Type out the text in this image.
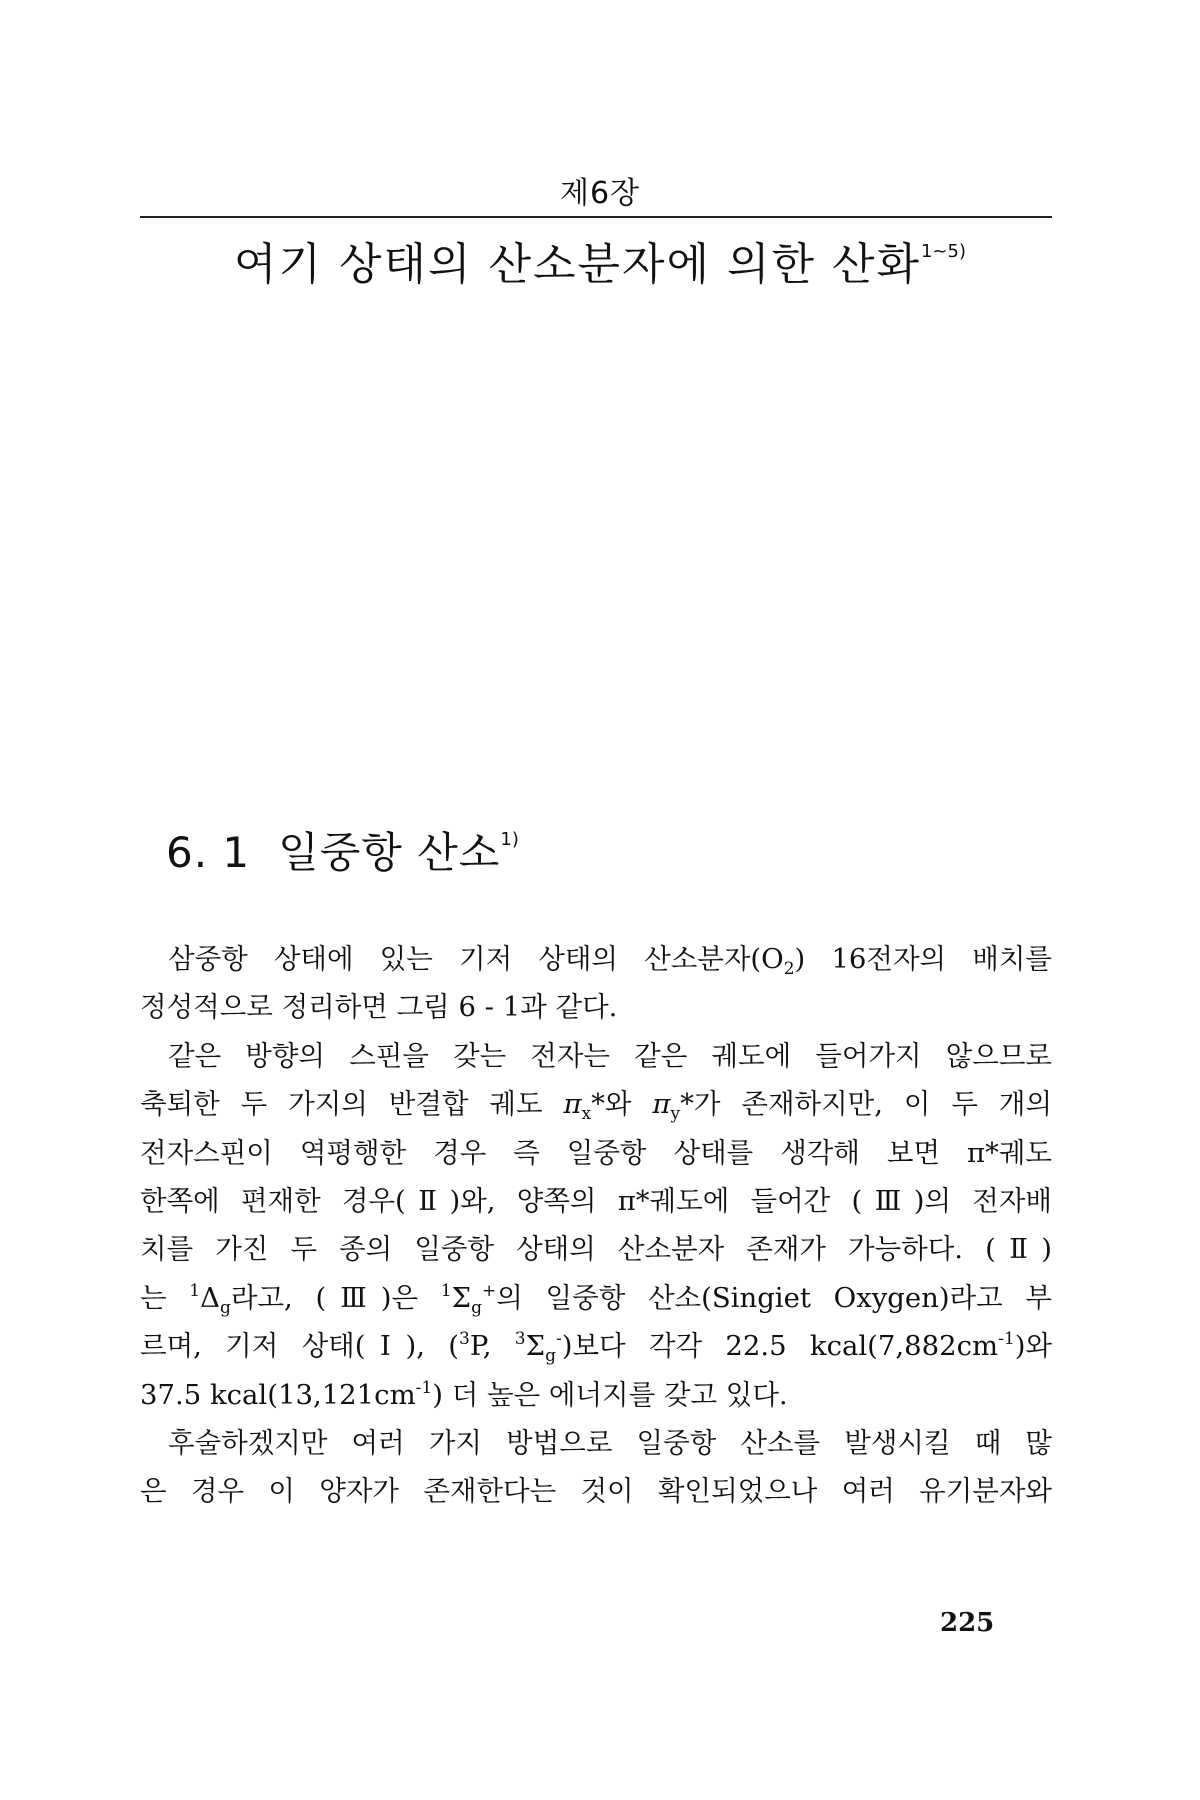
제6장
여기 상태의 산소분자에 의한 산화$^{1\sim 5)}$
6. 1 일중항 산소$^{1)}$
삼중항 상태에 있는 기저 상태의 산소분자$(O_2)$ 16전자의 배치를
정성적으로 정리하면 그림 6 - 1과 같다.
같은 방향의 스핀을 갖는 전자는 같은 궤도에 들어가지 않으므로
축퇴한 두 가지의 반결합 궤도 $\pi_x*$와 $\pi_y*$가 존재하지만, 이 두 개의
전자스핀이 역평행한 경우 즉 일중항 상태를 생각해 보면 π*궤도
한쪽에 편재한 경우(Ⅱ)와, 양쪽의 π*궤도에 들어간 (Ⅲ)의 전자배
치를 가진 두 종의 일중항 상태의 산소분자 존재가 가능하다. (Ⅱ)
는 $^1\Delta_g$라고, (Ⅲ)은 $^1\Sigma_g^+$의 일중항 산소(Singiet Oxygen)라고 부
르며, 기저 상태(Ⅰ), ($^3$P, $^3\Sigma_g^-$)보다 각각 22.5 $kcal(7,882cm^{-1})$와
37.5 $kcal(13,121cm^{-1})$ 더 높은 에너지를 갖고 있다.
후술하겠지만 여러 가지 방법으로 일중항 산소를 발생시킬 때 많
은 경우 이 양자가 존재한다는 것이 확인되었으나 여러 유기분자와
225
